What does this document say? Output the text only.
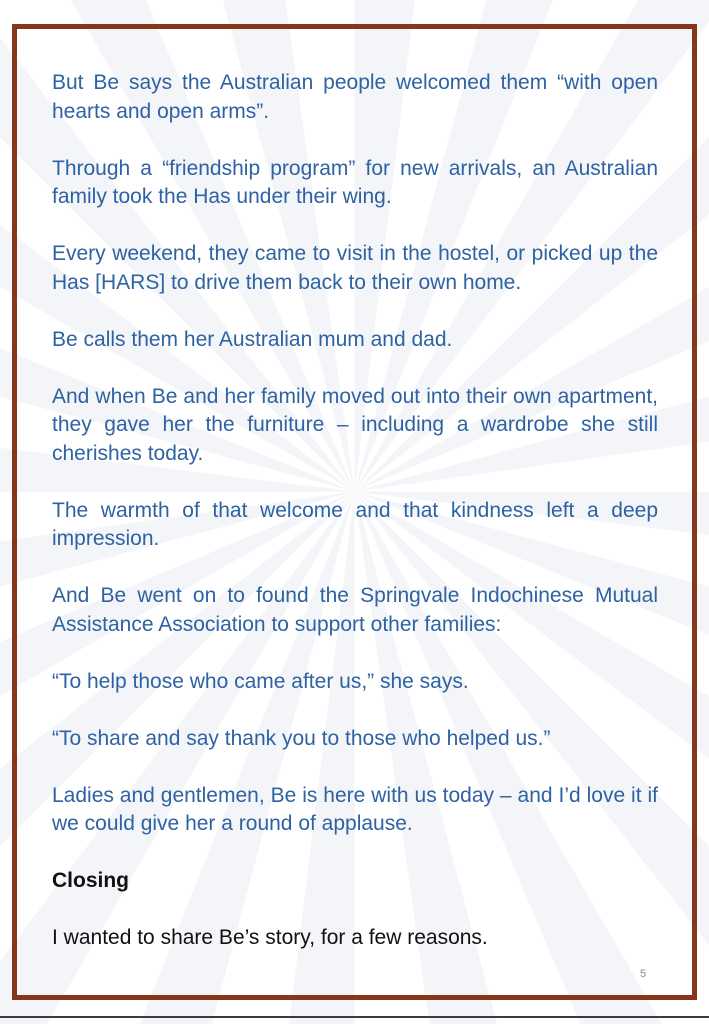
But Be says the Australian people welcomed them “with open hearts and open arms”.

Through a “friendship program” for new arrivals, an Australian family took the Has under their wing.

Every weekend, they came to visit in the hostel, or picked up the Has [HARS] to drive them back to their own home.

Be calls them her Australian mum and dad.

And when Be and her family moved out into their own apartment, they gave her the furniture – including a wardrobe she still cherishes today.

The warmth of that welcome and that kindness left a deep impression.

And Be went on to found the Springvale Indochinese Mutual Assistance Association to support other families:

“To help those who came after us,” she says.

“To share and say thank you to those who helped us.”

Ladies and gentlemen, Be is here with us today – and I’d love it if we could give her a round of applause.

Closing

I wanted to share Be’s story, for a few reasons.

5
